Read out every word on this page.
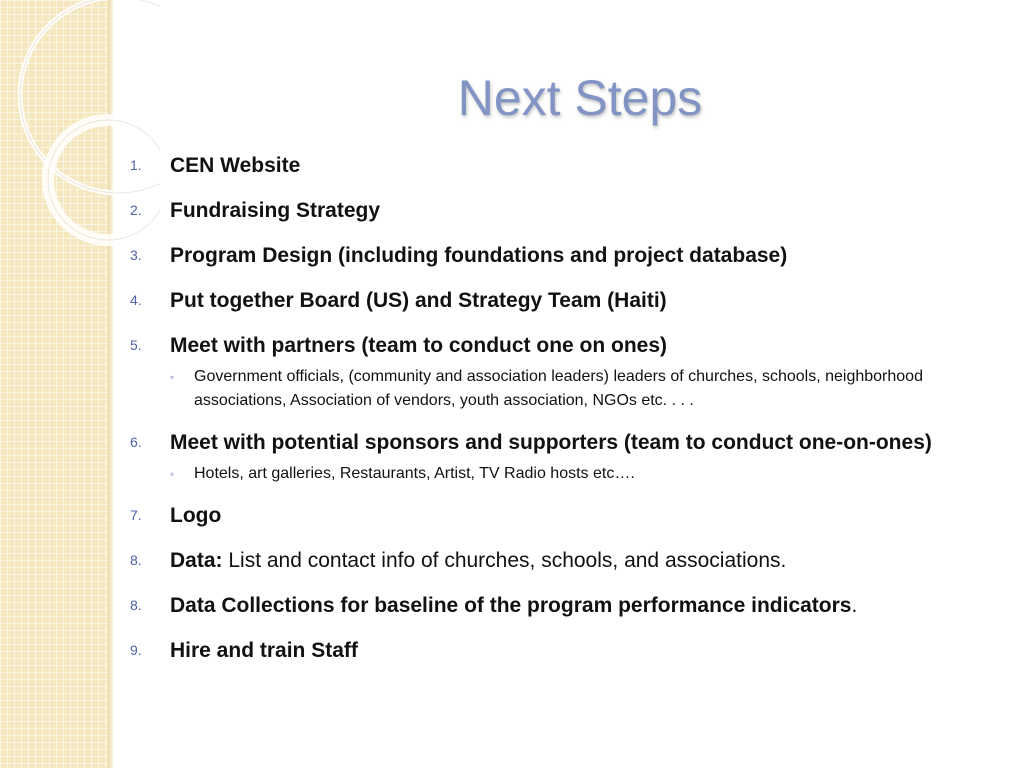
Next Steps
1.	CEN Website
2.	Fundraising Strategy
3.	Program Design (including foundations and project database)
4.	Put together Board (US) and Strategy Team (Haiti)
5.	Meet with partners (team to conduct one on ones)
◦	Government officials, (community and association leaders) leaders of churches, schools, neighborhood associations, Association of vendors, youth association, NGOs etc. . . .
6.	Meet with potential sponsors and supporters (team to conduct one-on-ones)
◦	Hotels, art galleries, Restaurants, Artist, TV Radio hosts etc….
7.	Logo
8.	Data: List and contact info of churches, schools, and associations.
8.	Data Collections for baseline of the program performance indicators.
9.	Hire and train Staff
